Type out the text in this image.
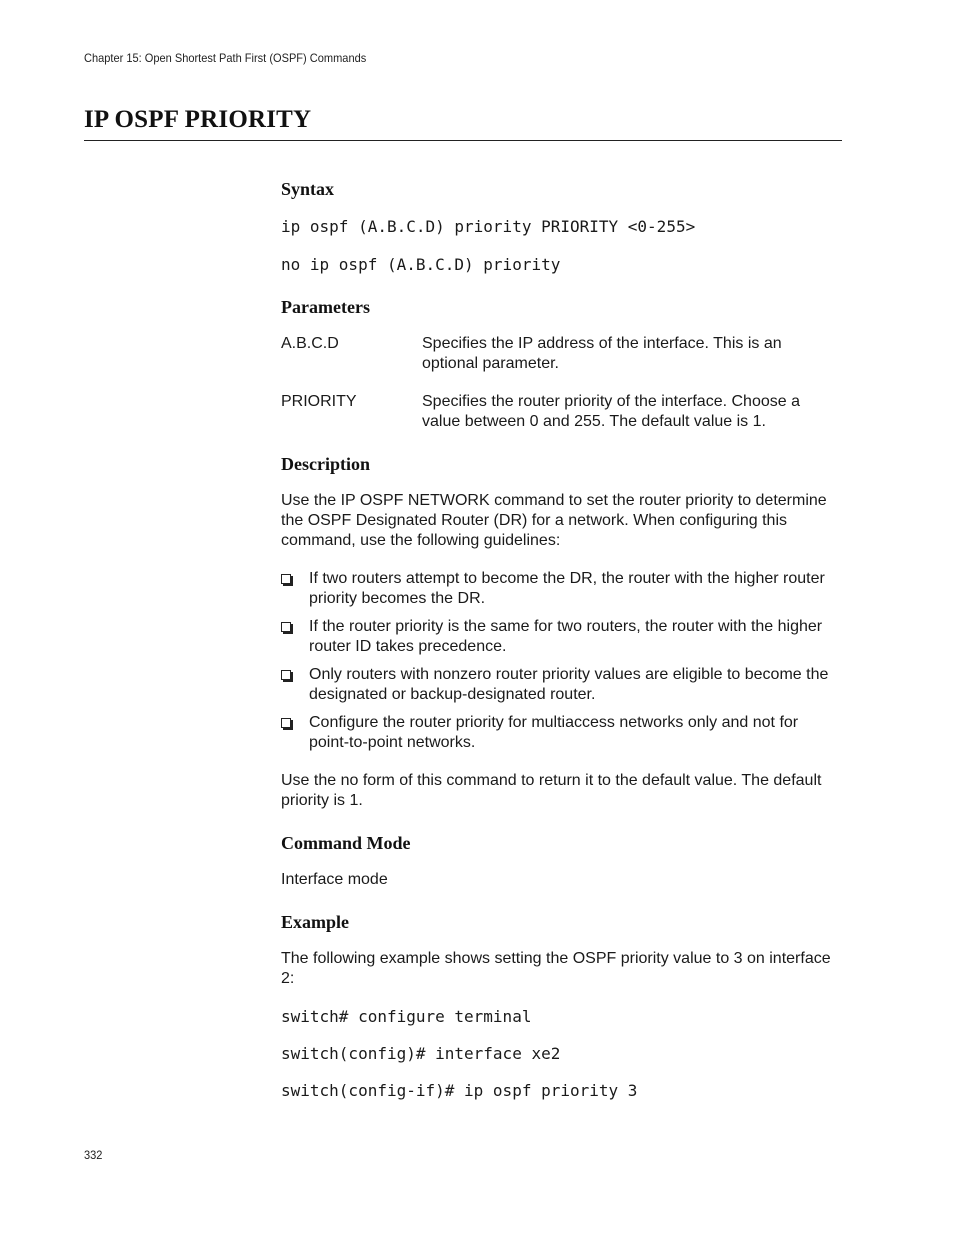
Chapter 15: Open Shortest Path First (OSPF) Commands
IP OSPF PRIORITY
Syntax
ip ospf (A.B.C.D) priority PRIORITY <0-255>
no ip ospf (A.B.C.D) priority
Parameters
A.B.C.D	Specifies the IP address of the interface. This is an optional parameter.
PRIORITY	Specifies the router priority of the interface. Choose a value between 0 and 255. The default value is 1.
Description

Use the IP OSPF NETWORK command to set the router priority to determine the OSPF Designated Router (DR) for a network. When configuring this command, use the following guidelines:

If two routers attempt to become the DR, the router with the higher router priority becomes the DR.
If the router priority is the same for two routers, the router with the higher router ID takes precedence.
Only routers with nonzero router priority values are eligible to become the designated or backup-designated router.
Configure the router priority for multiaccess networks only and not for point-to-point networks.

Use the no form of this command to return it to the default value. The default priority is 1.

Command Mode

Interface mode

Example

The following example shows setting the OSPF priority value to 3 on interface 2:

switch# configure terminal
switch(config)# interface xe2
switch(config-if)# ip ospf priority 3
332
